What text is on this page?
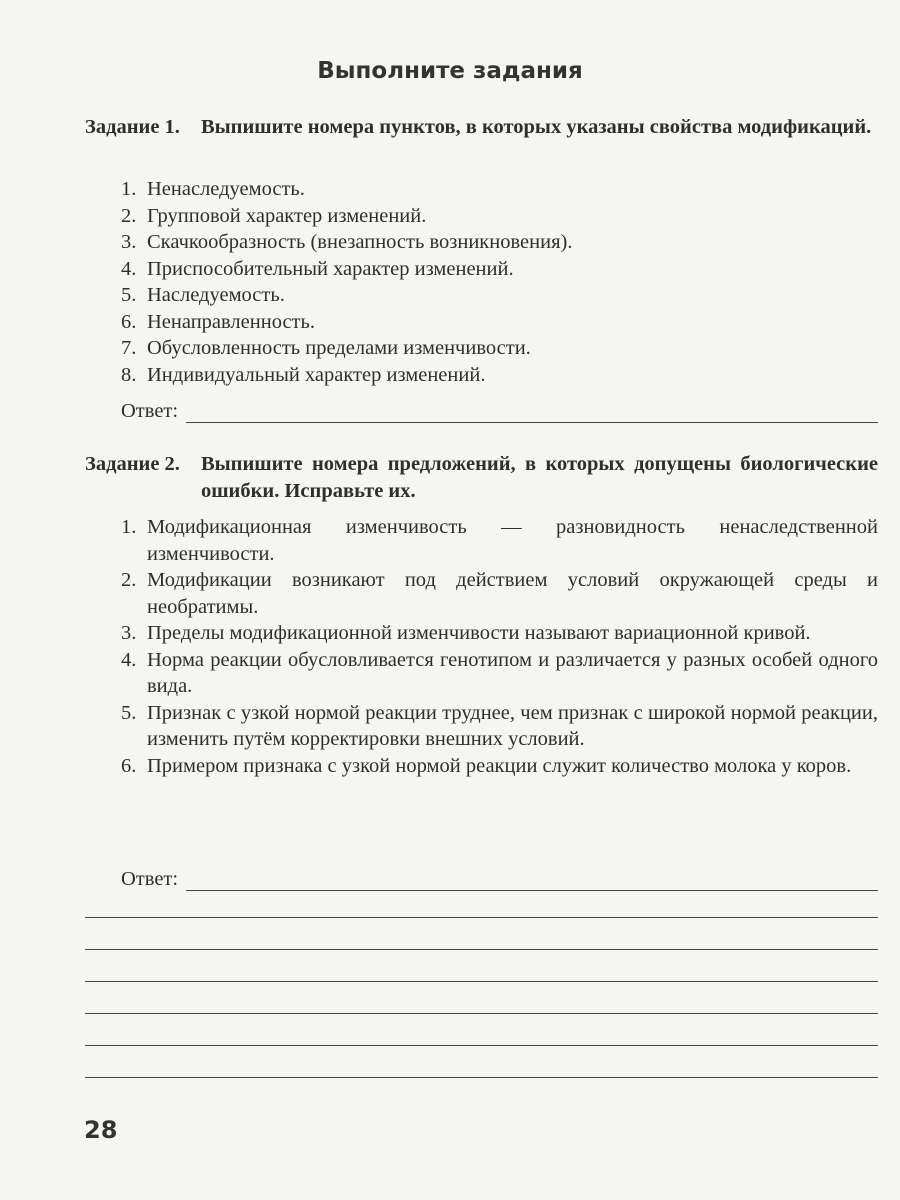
Выполните задания
Задание 1. Выпишите номера пунктов, в которых указаны свойства модификаций.
1. Ненаследуемость.
2. Групповой характер изменений.
3. Скачкообразность (внезапность возникновения).
4. Приспособительный характер изменений.
5. Наследуемость.
6. Ненаправленность.
7. Обусловленность пределами изменчивости.
8. Индивидуальный характер изменений.
Ответ:
Задание 2. Выпишите номера предложений, в которых допущены биологические ошибки. Исправьте их.
1. Модификационная изменчивость — разновидность ненаследственной изменчивости.
2. Модификации возникают под действием условий окружающей среды и необратимы.
3. Пределы модификационной изменчивости называют вариационной кривой.
4. Норма реакции обусловливается генотипом и различается у разных особей одного вида.
5. Признак с узкой нормой реакции труднее, чем признак с широкой нормой реакции, изменить путём корректировки внешних условий.
6. Примером признака с узкой нормой реакции служит количество молока у коров.
Ответ:
28
